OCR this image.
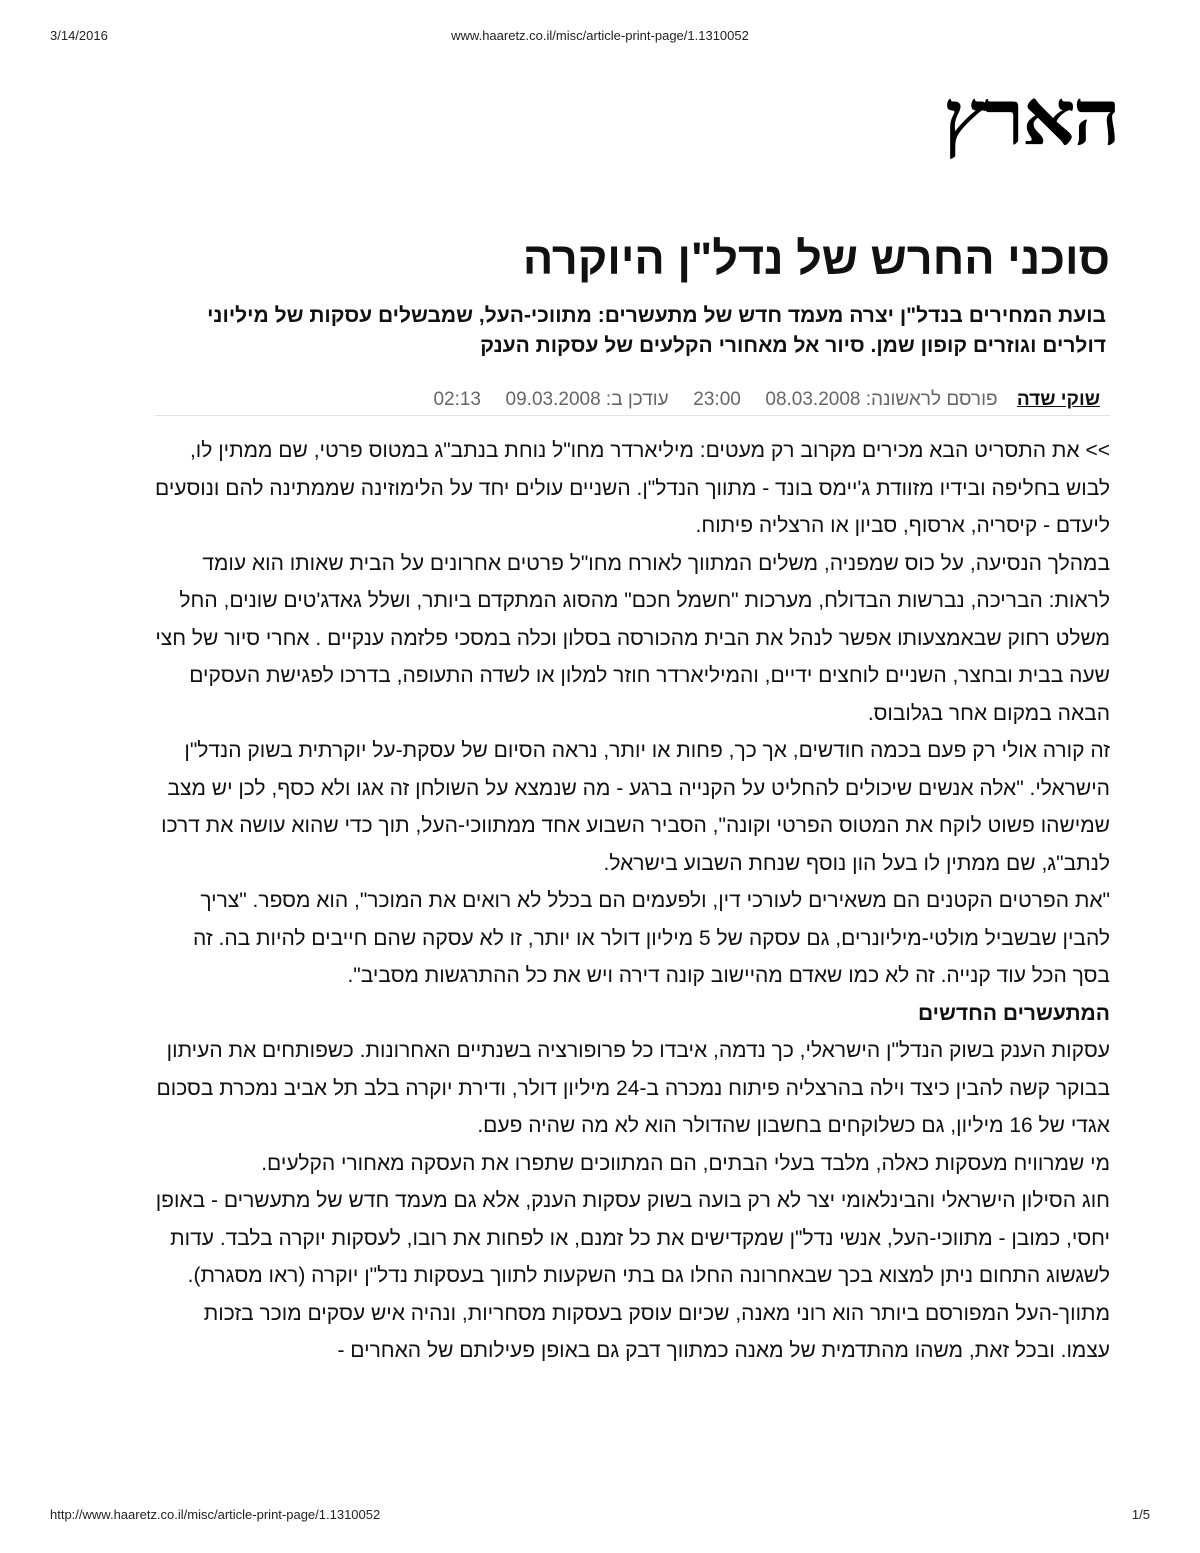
3/14/2016	www.haaretz.co.il/misc/article-print-page/1.1310052
הארץ
סוכני החרש של נדל"ן היוקרה
בועת המחירים בנדל"ן יצרה מעמד חדש של מתעשרים: מתווכי-העל, שמבשלים עסקות של מיליוני דולרים וגוזרים קופון שמן. סיור אל מאחורי הקלעים של עסקות הענק
שוקי שדה פורסם לראשונה: 08.03.2008  23:00  עודכן ב: 09.03.2008  02:13

>> את התסריט הבא מכירים מקרוב רק מעטים: מיליארדר מחו"ל נוחת בנתב"ג במטוס פרטי, שם ממתין לו, לבוש בחליפה ובידיו מזוודת ג'יימס בונד - מתווך הנדל"ן. השניים עולים יחד על הלימוזינה שממתינה להם ונוסעים ליעדם - קיסריה, ארסוף, סביון או הרצליה פיתוח.

במהלך הנסיעה, על כוס שמפניה, משלים המתווך לאורח מחו"ל פרטים אחרונים על הבית שאותו הוא עומד לראות: הבריכה, נברשות הבדולח, מערכות "חשמל חכם" מהסוג המתקדם ביותר, ושלל גאדג'טים שונים, החל משלט רחוק שבאמצעותו אפשר לנהל את הבית מהכורסה בסלון וכלה במסכי פלזמה ענקיים . אחרי סיור של חצי שעה בבית ובחצר, השניים לוחצים ידיים, והמיליארדר חוזר למלון או לשדה התעופה, בדרכו לפגישת העסקים הבאה במקום אחר בגלובוס.

זה קורה אולי רק פעם בכמה חודשים, אך כך, פחות או יותר, נראה הסיום של עסקת-על יוקרתית בשוק הנדל"ן הישראלי. "אלה אנשים שיכולים להחליט על הקנייה ברגע - מה שנמצא על השולחן זה אגו ולא כסף, לכן יש מצב שמישהו פשוט לוקח את המטוס הפרטי וקונה", הסביר השבוע אחד ממתווכי-העל, תוך כדי שהוא עושה את דרכו לנתב"ג, שם ממתין לו בעל הון נוסף שנחת השבוע בישראל.

"את הפרטים הקטנים הם משאירים לעורכי דין, ולפעמים הם בכלל לא רואים את המוכר", הוא מספר. "צריך להבין שבשביל מולטי-מיליונרים, גם עסקה של 5 מיליון דולר או יותר, זו לא עסקה שהם חייבים להיות בה. זה בסך הכל עוד קנייה. זה לא כמו שאדם מהיישוב קונה דירה ויש את כל ההתרגשות מסביב".

המתעשרים החדשים

עסקות הענק בשוק הנדל"ן הישראלי, כך נדמה, איבדו כל פרופורציה בשנתיים האחרונות. כשפותחים את העיתון בבוקר קשה להבין כיצד וילה בהרצליה פיתוח נמכרה ב-24 מיליון דולר, ודירת יוקרה בלב תל אביב נמכרת בסכום אגדי של 16 מיליון, גם כשלוקחים בחשבון שהדולר הוא לא מה שהיה פעם.

מי שמרוויח מעסקות כאלה, מלבד בעלי הבתים, הם המתווכים שתפרו את העסקה מאחורי הקלעים.

חוג הסילון הישראלי והבינלאומי יצר לא רק בועה בשוק עסקות הענק, אלא גם מעמד חדש של מתעשרים - באופן יחסי, כמובן - מתווכי-העל, אנשי נדל"ן שמקדישים את כל זמנם, או לפחות את רובו, לעסקות יוקרה בלבד. עדות לשגשוג התחום ניתן למצוא בכך שבאחרונה החלו גם בתי השקעות לתווך בעסקות נדל"ן יוקרה (ראו מסגרת).

מתווך-העל המפורסם ביותר הוא רוני מאנה, שכיום עוסק בעסקות מסחריות, ונהיה איש עסקים מוכר בזכות עצמו. ובכל זאת, משהו מהתדמית של מאנה כמתווך דבק גם באופן פעילותם של האחרים -

http://www.haaretz.co.il/misc/article-print-page/1.1310052	1/5
